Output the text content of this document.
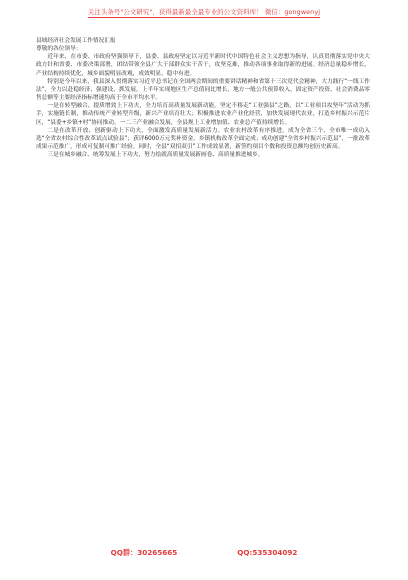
关注头条号"公文研究"，获得最新最全最专业的公文资料库！ 微信：gongwenyj

县域经济社会发展工作情况汇报

尊敬的各位领导：

近年来，在市委、市政府坚强领导下，县委、县政府坚定以习近平新时代中国特色社会主义思想为指导，认真贯彻落实党中央大政方针和省委、市委决策部署，团结带领全县广大干部群众实干苦干，攻坚克难，推动各项事业取得新的进展。经济总量稳步增长，产业结构持续优化，城乡面貌明显改观，成效明显，稳中有进。

特别是今年以来，我县深入贯彻落实习近平总书记在全国两会期间的重要讲话精神和省第十三次党代会精神，大力践行“一线工作法”，全力以赴稳经济、强建设、抓发展，上半年实现地区生产总值同比增长，地方一般公共预算收入、固定资产投资、社会消费品零售总额等主要经济指标增速均高于全市平均水平。

一是在转型融合、提质增效上下功夫，全力培育高质量发展新动能。坚定不移走“工业强县”之路，以“工业项目攻坚年”活动为抓手，实施链长制，推动传统产业转型升级，新兴产业培育壮大；积极推进农业产业化经营，加快发展现代农业，打造乡村振兴示范片区，“县委+乡镇+村”协同推动，一二三产业融合发展，全县规上工业增加值、农业总产值持续增长。

二是在改革开放、创新驱动上下功夫，全面激发高质量发展新活力。农业农村改革有序推进，成为全省三个、全市唯一成功入选“全省农村综合性改革试点试验县”；获评6000万元奖补资金。乡镇机构改革全面完成；成功创建“全省乡村振兴示范县”，一批改革成果示范推广，形成可复制可推广经验。同时，全县“双招双引”工作成效显著，新签约项目个数和投资总额均创历史新高。

三是在城乡融合、统筹发展上下功夫，努力绘就高质量发展新画卷、高质量推进城乡。

QQ群：30265665	QQ:535304092
